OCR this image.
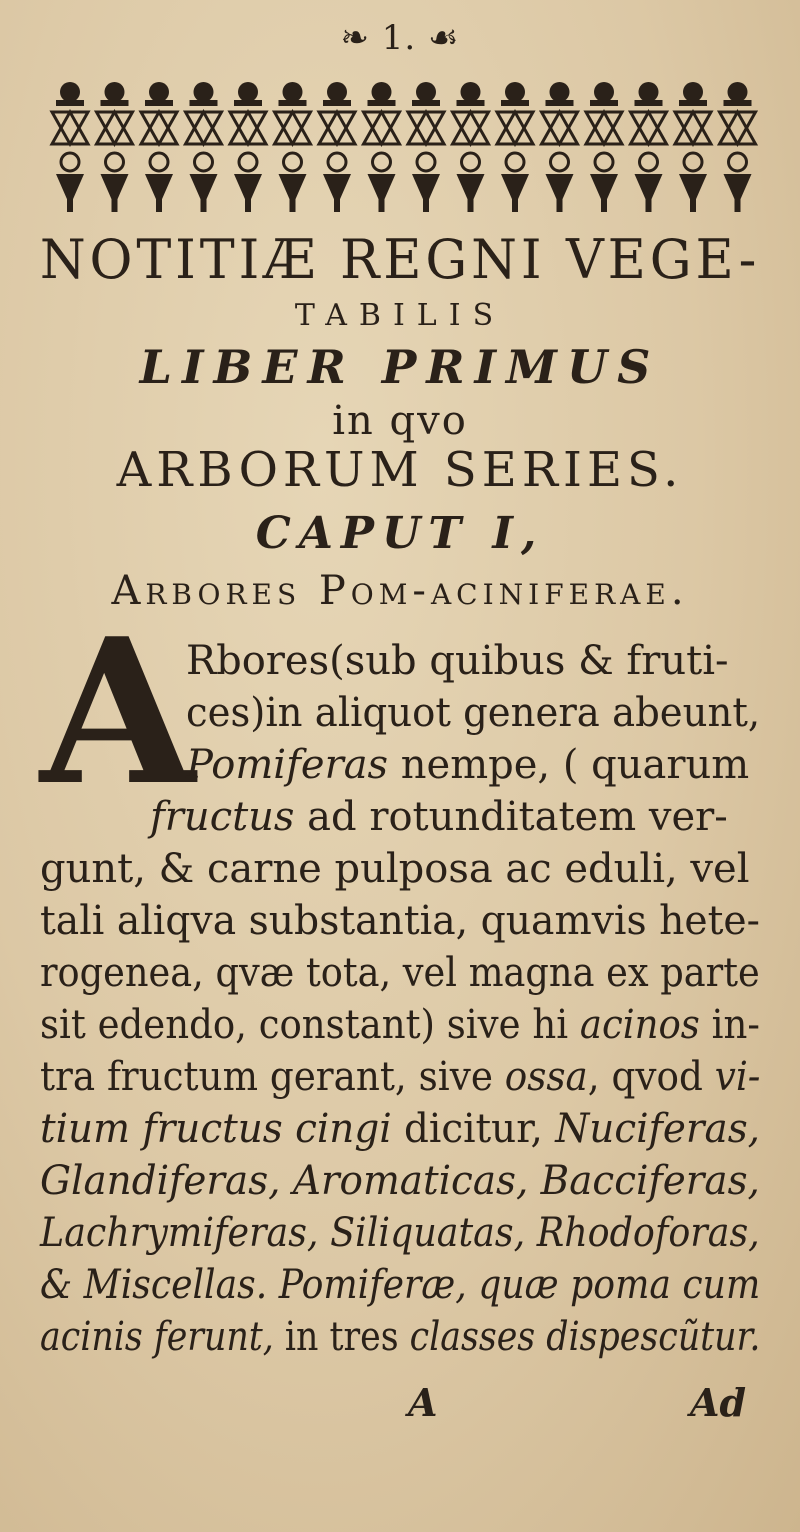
❧ 1. ☙
NOTITIÆ REGNI VEGE-
TABILIS
LIBER PRIMUS
in qvo
ARBORUM SERIES.
CAPUT I,
Arbores Pom-aciniferae.
A
Rbores(sub quibus & fruti-
ces)in aliquot genera abeunt,
Pomiferas nempe, ( quarum
fructus ad rotunditatem ver-
gunt, & carne pulposa ac eduli, vel
tali aliqva substantia, quamvis hete-
rogenea, qvæ tota, vel magna ex parte
sit edendo, constant) sive hi acinos in-
tra fructum gerant, sive ossa, qvod vi-
tium fructus cingi dicitur, Nuciferas,
Glandiferas, Aromaticas, Bacciferas,
Lachrymiferas, Siliquatas, Rhodoforas,
& Miscellas. Pomiferæ, quæ poma cum
acinis ferunt, in tres classes dispescũtur.
A	Ad
